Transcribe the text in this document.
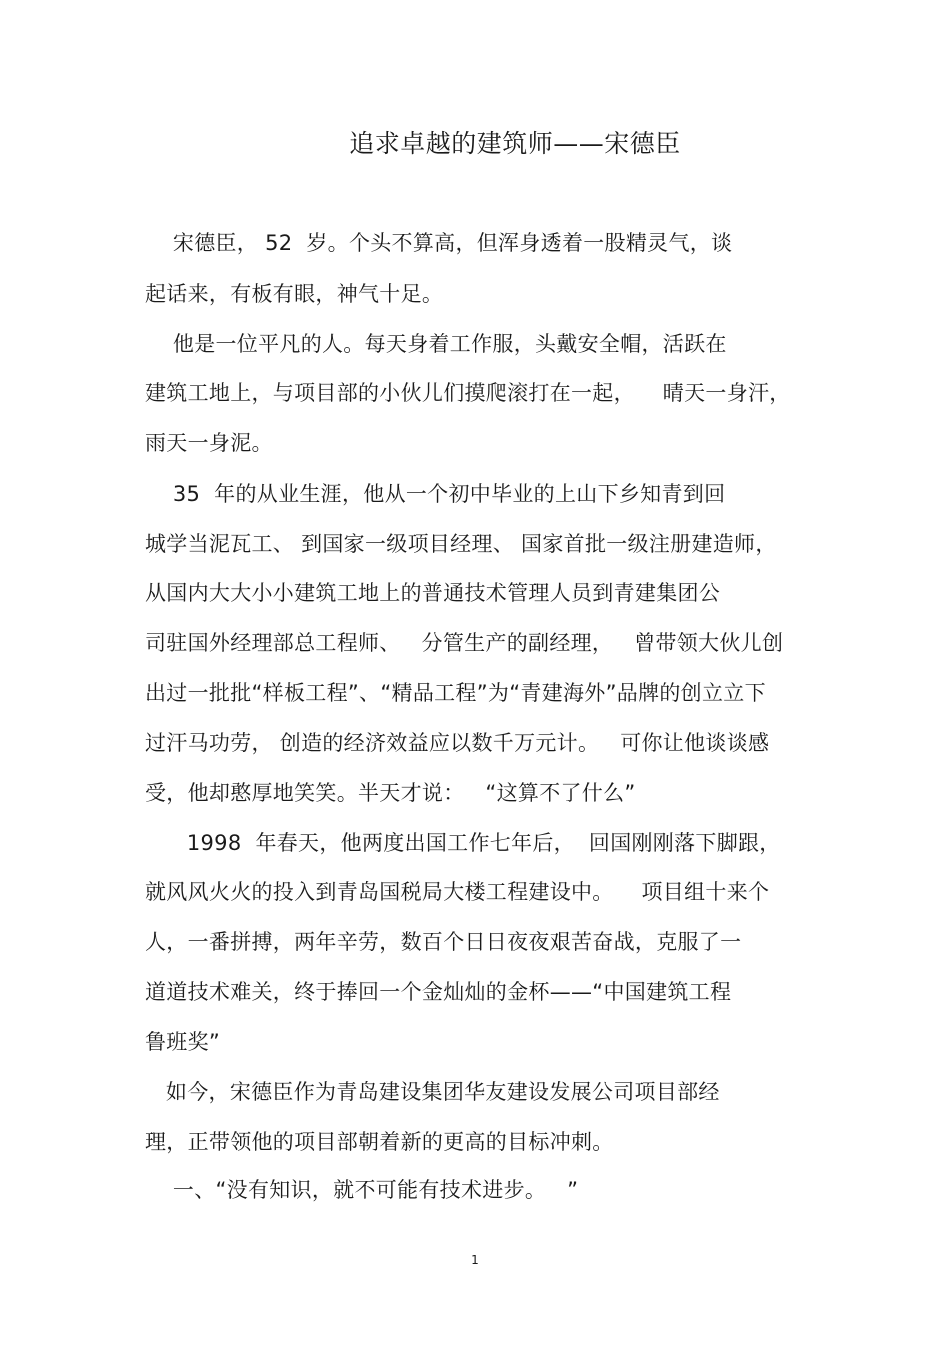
追求卓越的建筑师——宋德臣
宋德臣， 52  岁。个头不算高，但浑身透着一股精灵气，谈
起话来，有板有眼，神气十足。
他是一位平凡的人。每天身着工作服，头戴安全帽，活跃在
建筑工地上，与项目部的小伙儿们摸爬滚打在一起，    晴天一身汗，
雨天一身泥。
35  年的从业生涯，他从一个初中毕业的上山下乡知青到回
城学当泥瓦工、 到国家一级项目经理、 国家首批一级注册建造师，
从国内大大小小建筑工地上的普通技术管理人员到青建集团公
司驻国外经理部总工程师、   分管生产的副经理，   曾带领大伙儿创
出过一批批“样板工程”、“精品工程”为“青建海外”品牌的创立立下
过汗马功劳， 创造的经济效益应以数千万元计。   可你让他谈谈感
受，他却憨厚地笑笑。半天才说：   “这算不了什么”
1998  年春天，他两度出国工作七年后，  回国刚刚落下脚跟，
就风风火火的投入到青岛国税局大楼工程建设中。    项目组十来个
人，一番拼搏，两年辛劳，数百个日日夜夜艰苦奋战，克服了一
道道技术难关，终于捧回一个金灿灿的金杯——“中国建筑工程
鲁班奖”
如今，宋德臣作为青岛建设集团华友建设发展公司项目部经
理，正带领他的项目部朝着新的更高的目标冲刺。
一、“没有知识，就不可能有技术进步。   ”
1
